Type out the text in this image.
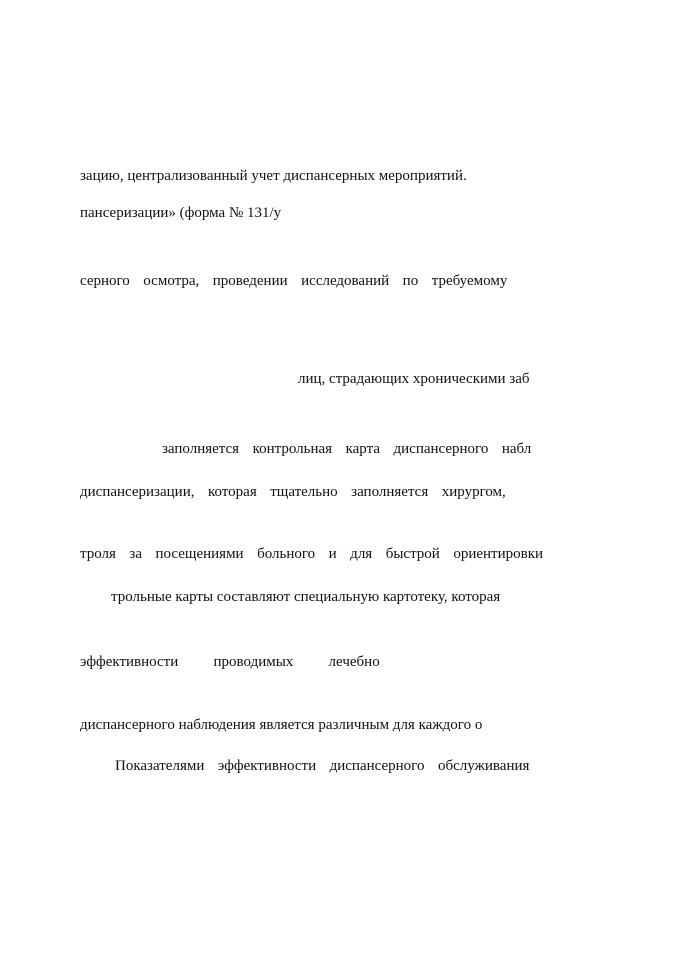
зацию, централизованный учет диспансерных мероприятий.
пансеризации» (форма № 131/у
серного  осмотра,  проведении  исследований  по  требуемому
лиц, страдающих хроническими заб
заполняется  контрольная  карта  диспансерного  набл
диспансеризации,  которая  тщательно  заполняется  хирургом,
троля  за  посещениями  больного  и  для  быстрой  ориентировки
трольные карты составляют специальную картотеку, которая
эффективности   проводимых   лечебно
диспансерного наблюдения является различным для каждого о
Показателями  эффективности  диспансерного  обслуживания
